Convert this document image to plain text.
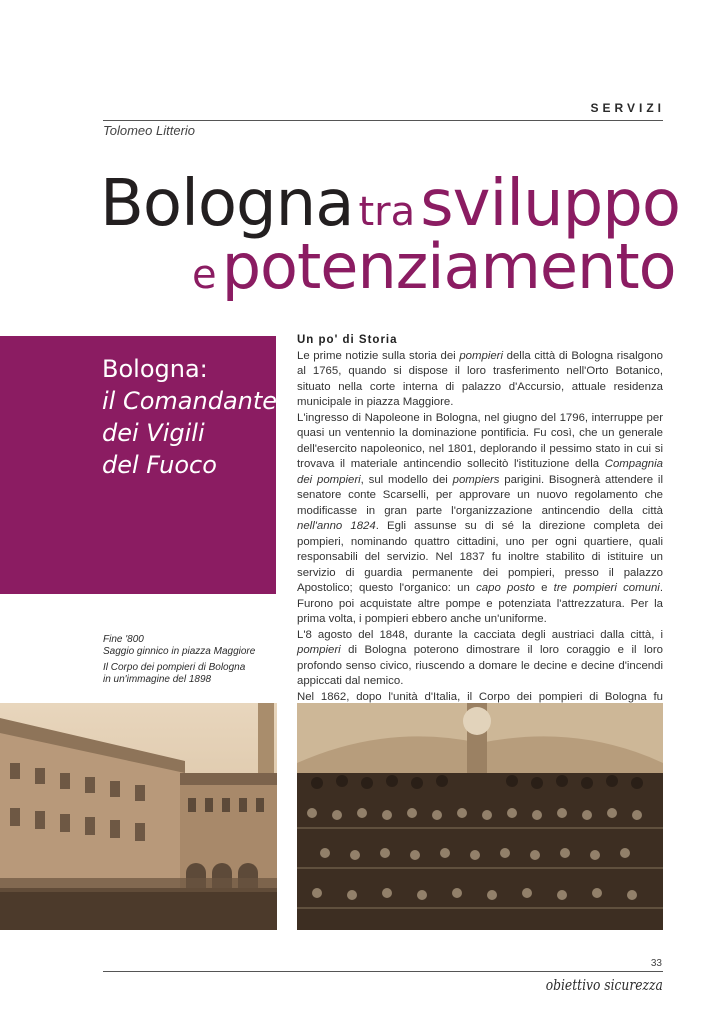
SERVIZI
Tolomeo Litterio
Bologna tra sviluppo
e potenziamento
Bologna:
il Comandante
dei Vigili
del Fuoco

Fine '800
Saggio ginnico in piazza Maggiore

Il Corpo dei pompieri di Bologna
in un'immagine del 1898

Un po' di Storia

Le prime notizie sulla storia dei pompieri della città di Bologna risalgono al 1765, quando si dispose il loro trasferimento nell'Orto Botanico, situato nella corte interna di palazzo d'Accursio, attuale residenza municipale in piazza Maggiore.

L'ingresso di Napoleone in Bologna, nel giugno del 1796, interruppe per quasi un ventennio la dominazione pontificia. Fu così, che un generale dell'esercito napoleonico, nel 1801, deplorando il pessimo stato in cui si trovava il materiale antincendio sollecitò l'istituzione della Compagnia dei pompieri, sul modello dei pompiers parigini. Bisognerà attendere il senatore conte Scarselli, per approvare un nuovo regolamento che modificasse in gran parte l'organizzazione antincendio della città nell'anno 1824. Egli assunse su di sé la direzione completa dei pompieri, nominando quattro cittadini, uno per ogni quartiere, quali responsabili del servizio. Nel 1837 fu inoltre stabilito di istituire un servizio di guardia permanente dei pompieri, presso il palazzo Apostolico; questo l'organico: un capo posto e tre pompieri comuni. Furono poi acquistate altre pompe e potenziata l'attrezzatura. Per la prima volta, i pompieri ebbero anche un'uniforme.

L'8 agosto del 1848, durante la cacciata degli austriaci dalla città, i pompieri di Bologna poterono dimostrare il loro coraggio e il loro profondo senso civico, riuscendo a domare le decine e decine d'incendi appiccati dal nemico.

Nel 1862, dopo l'unità d'Italia, il Corpo dei pompieri di Bologna fu

33
obiettivo sicurezza
